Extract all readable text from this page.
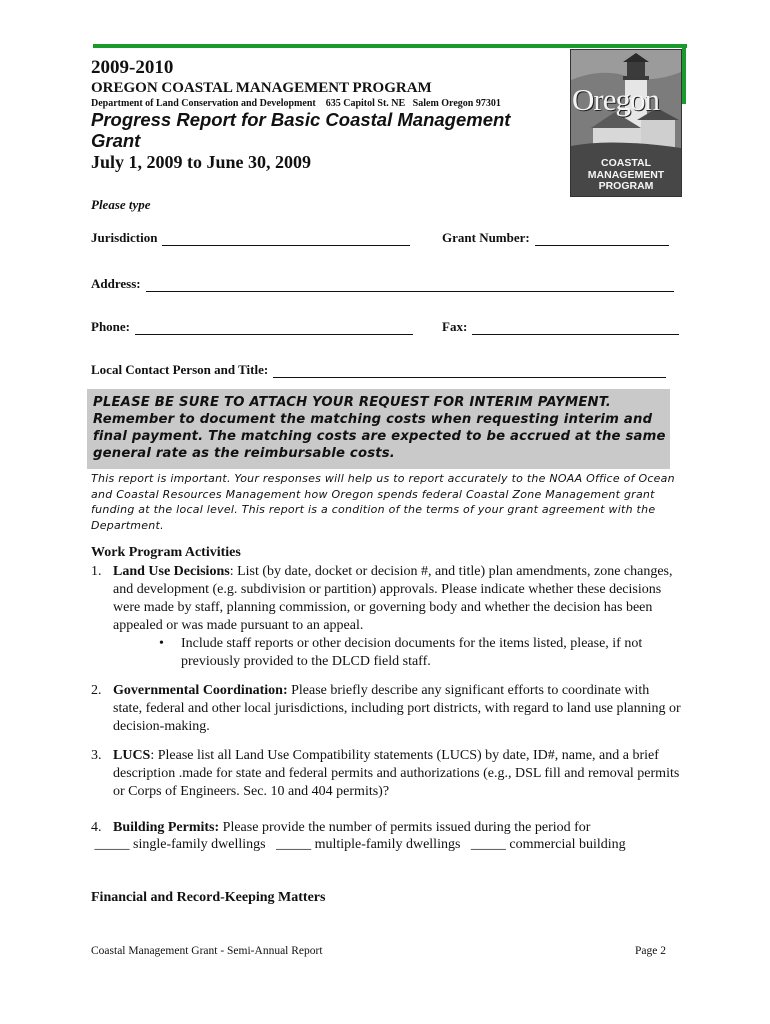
2009-2010
OREGON COASTAL MANAGEMENT PROGRAM
Department of Land Conservation and Development    635 Capitol St. NE   Salem Oregon 97301
Progress Report for Basic Coastal Management Grant
July 1, 2009 to June 30, 2009
Oregon
COASTAL
MANAGEMENT
PROGRAM
Please type
Jurisdiction	Grant Number:
Address:
Phone:	Fax:
Local Contact Person and Title:
PLEASE BE SURE TO ATTACH YOUR REQUEST FOR INTERIM PAYMENT. Remember to document the matching costs when requesting interim and final payment. The matching costs are expected to be accrued at the same general rate as the reimbursable costs.
This report is important. Your responses will help us to report accurately to the NOAA Office of Ocean and Coastal Resources Management how Oregon spends federal Coastal Zone Management grant funding at the local level. This report is a condition of the terms of your grant agreement with the Department.
Work Program Activities
1. Land Use Decisions: List (by date, docket or decision #, and title) plan amendments, zone changes, and development (e.g. subdivision or partition) approvals. Please indicate whether these decisions were made by staff, planning commission, or governing body and whether the decision has been appealed or was made pursuant to an appeal.
• Include staff reports or other decision documents for the items listed, please, if not previously provided to the DLCD field staff.
2. Governmental Coordination: Please briefly describe any significant efforts to coordinate with state, federal and other local jurisdictions, including port districts, with regard to land use planning or decision-making.
3. LUCS: Please list all Land Use Compatibility statements (LUCS) by date, ID#, name, and a brief description .made for state and federal permits and authorizations (e.g., DSL fill and removal permits or Corps of Engineers. Sec. 10 and 404 permits)?
4. Building Permits: Please provide the number of permits issued during the period for
_____ single-family dwellings   _____ multiple-family dwellings   _____ commercial building
Financial and Record-Keeping Matters
Coastal Management Grant - Semi-Annual Report	Page 2
